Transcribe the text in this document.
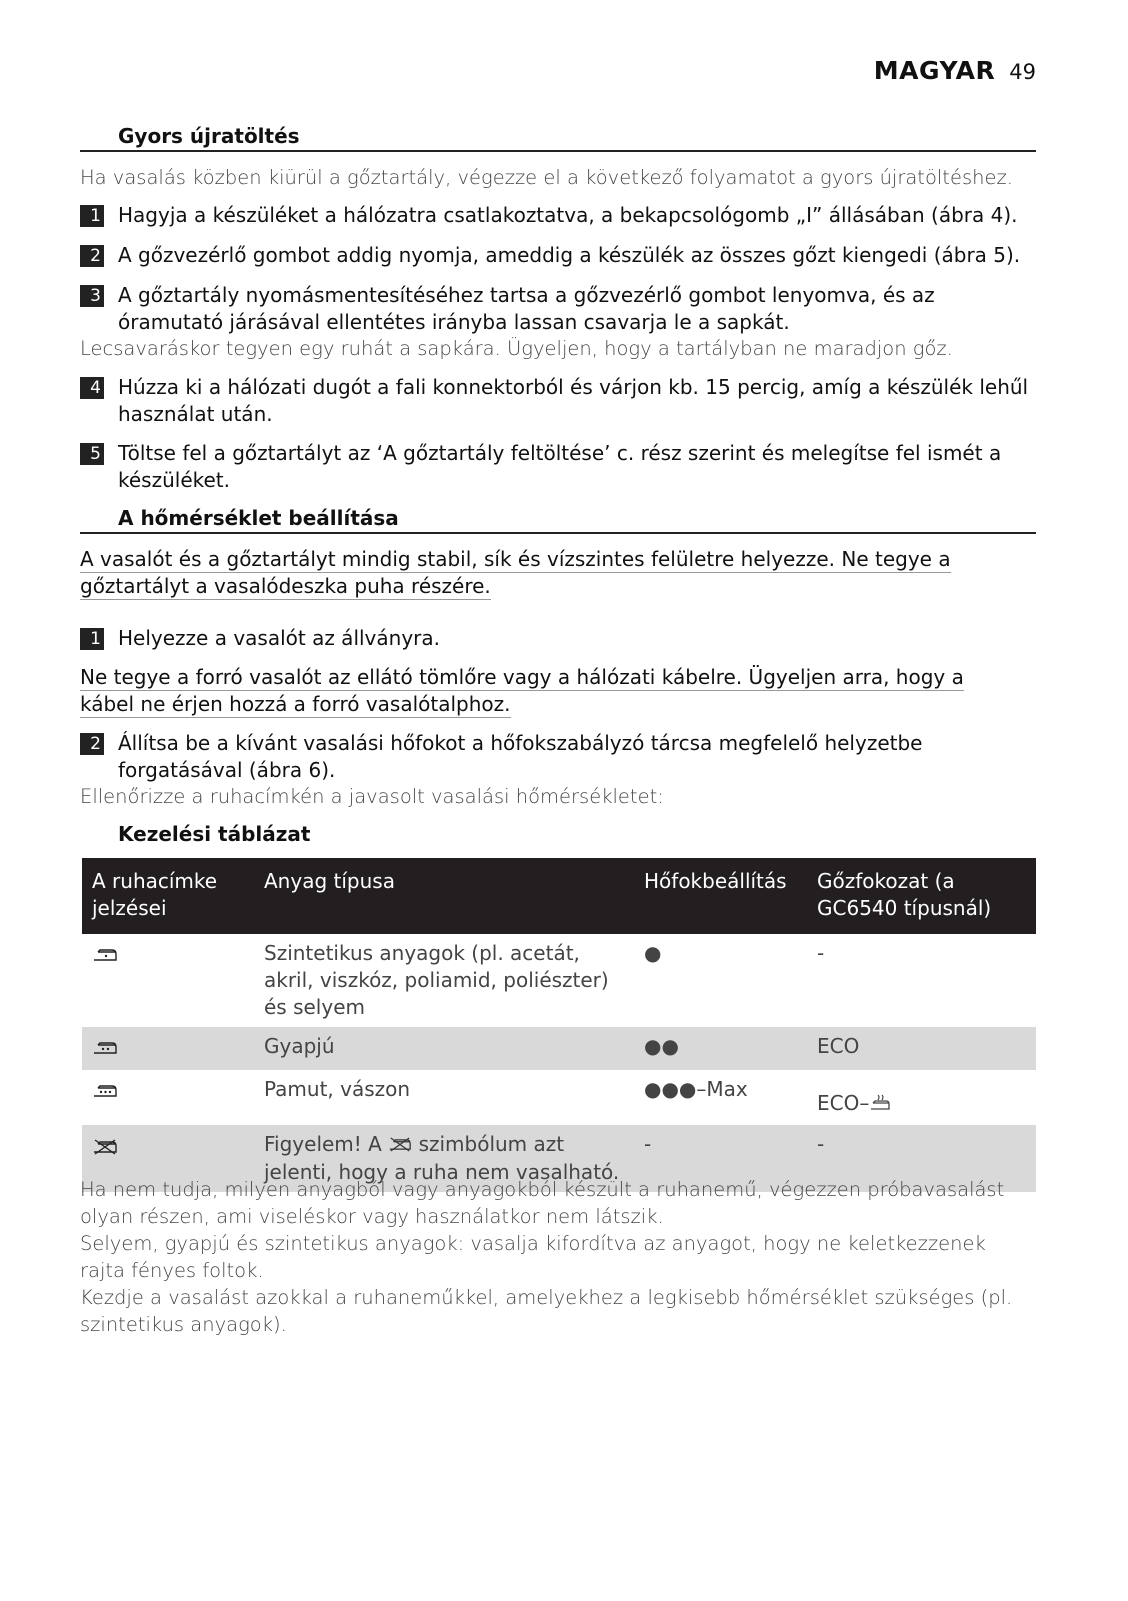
MAGYAR 49
Gyors újratöltés
Ha vasalás közben kiürül a gőztartály, végezze el a következő folyamatot a gyors újratöltéshez.
1 Hagyja a készüléket a hálózatra csatlakoztatva, a bekapcsológomb „I” állásában (ábra 4).
2 A gőzvezérlő gombot addig nyomja, ameddig a készülék az összes gőzt kiengedi (ábra 5).
3 A gőztartály nyomásmentesítéséhez tartsa a gőzvezérlő gombot lenyomva, és az óramutató járásával ellentétes irányba lassan csavarja le a sapkát.
Lecsavaráskor tegyen egy ruhát a sapkára. Ügyeljen, hogy a tartályban ne maradjon gőz.
4 Húzza ki a hálózati dugót a fali konnektorból és várjon kb. 15 percig, amíg a készülék lehűl használat után.
5 Töltse fel a gőztartályt az ‘A gőztartály feltöltése’ c. rész szerint és melegítse fel ismét a készüléket.
A hőmérséklet beállítása
A vasalót és a gőztartályt mindig stabil, sík és vízszintes felületre helyezze. Ne tegye a gőztartályt a vasalódeszka puha részére.
1 Helyezze a vasalót az állványra.
Ne tegye a forró vasalót az ellátó tömlőre vagy a hálózati kábelre. Ügyeljen arra, hogy a kábel ne érjen hozzá a forró vasalótalphoz.
2 Állítsa be a kívánt vasalási hőfokot a hőfokszabályzó tárcsa megfelelő helyzetbe forgatásával (ábra 6).
Ellenőrizze a ruhacímkén a javasolt vasalási hőmérsékletet:
Kezelési táblázat
A ruhacímke jelzései	Anyag típusa	Hőfokbeállítás	Gőzfokozat (a GC6540 típusnál)

	Szintetikus anyagok (pl. acetát, akril, viszkóz, poliamid, poliészter) és selyem	●	-

	Gyapjú	●●	ECO

	Pamut, vászon	●●●–Max	ECO–

	Figyelem! A szimbólum azt jelenti, hogy a ruha nem vasalható.	-	-
Ha nem tudja, milyen anyagból vagy anyagokból készült a ruhanemű, végezzen próbavasalást olyan részen, ami viseléskor vagy használatkor nem látszik.
Selyem, gyapjú és szintetikus anyagok: vasalja kifordítva az anyagot, hogy ne keletkezzenek rajta fényes foltok.
Kezdje a vasalást azokkal a ruhaneműkkel, amelyekhez a legkisebb hőmérséklet szükséges (pl. szintetikus anyagok).
